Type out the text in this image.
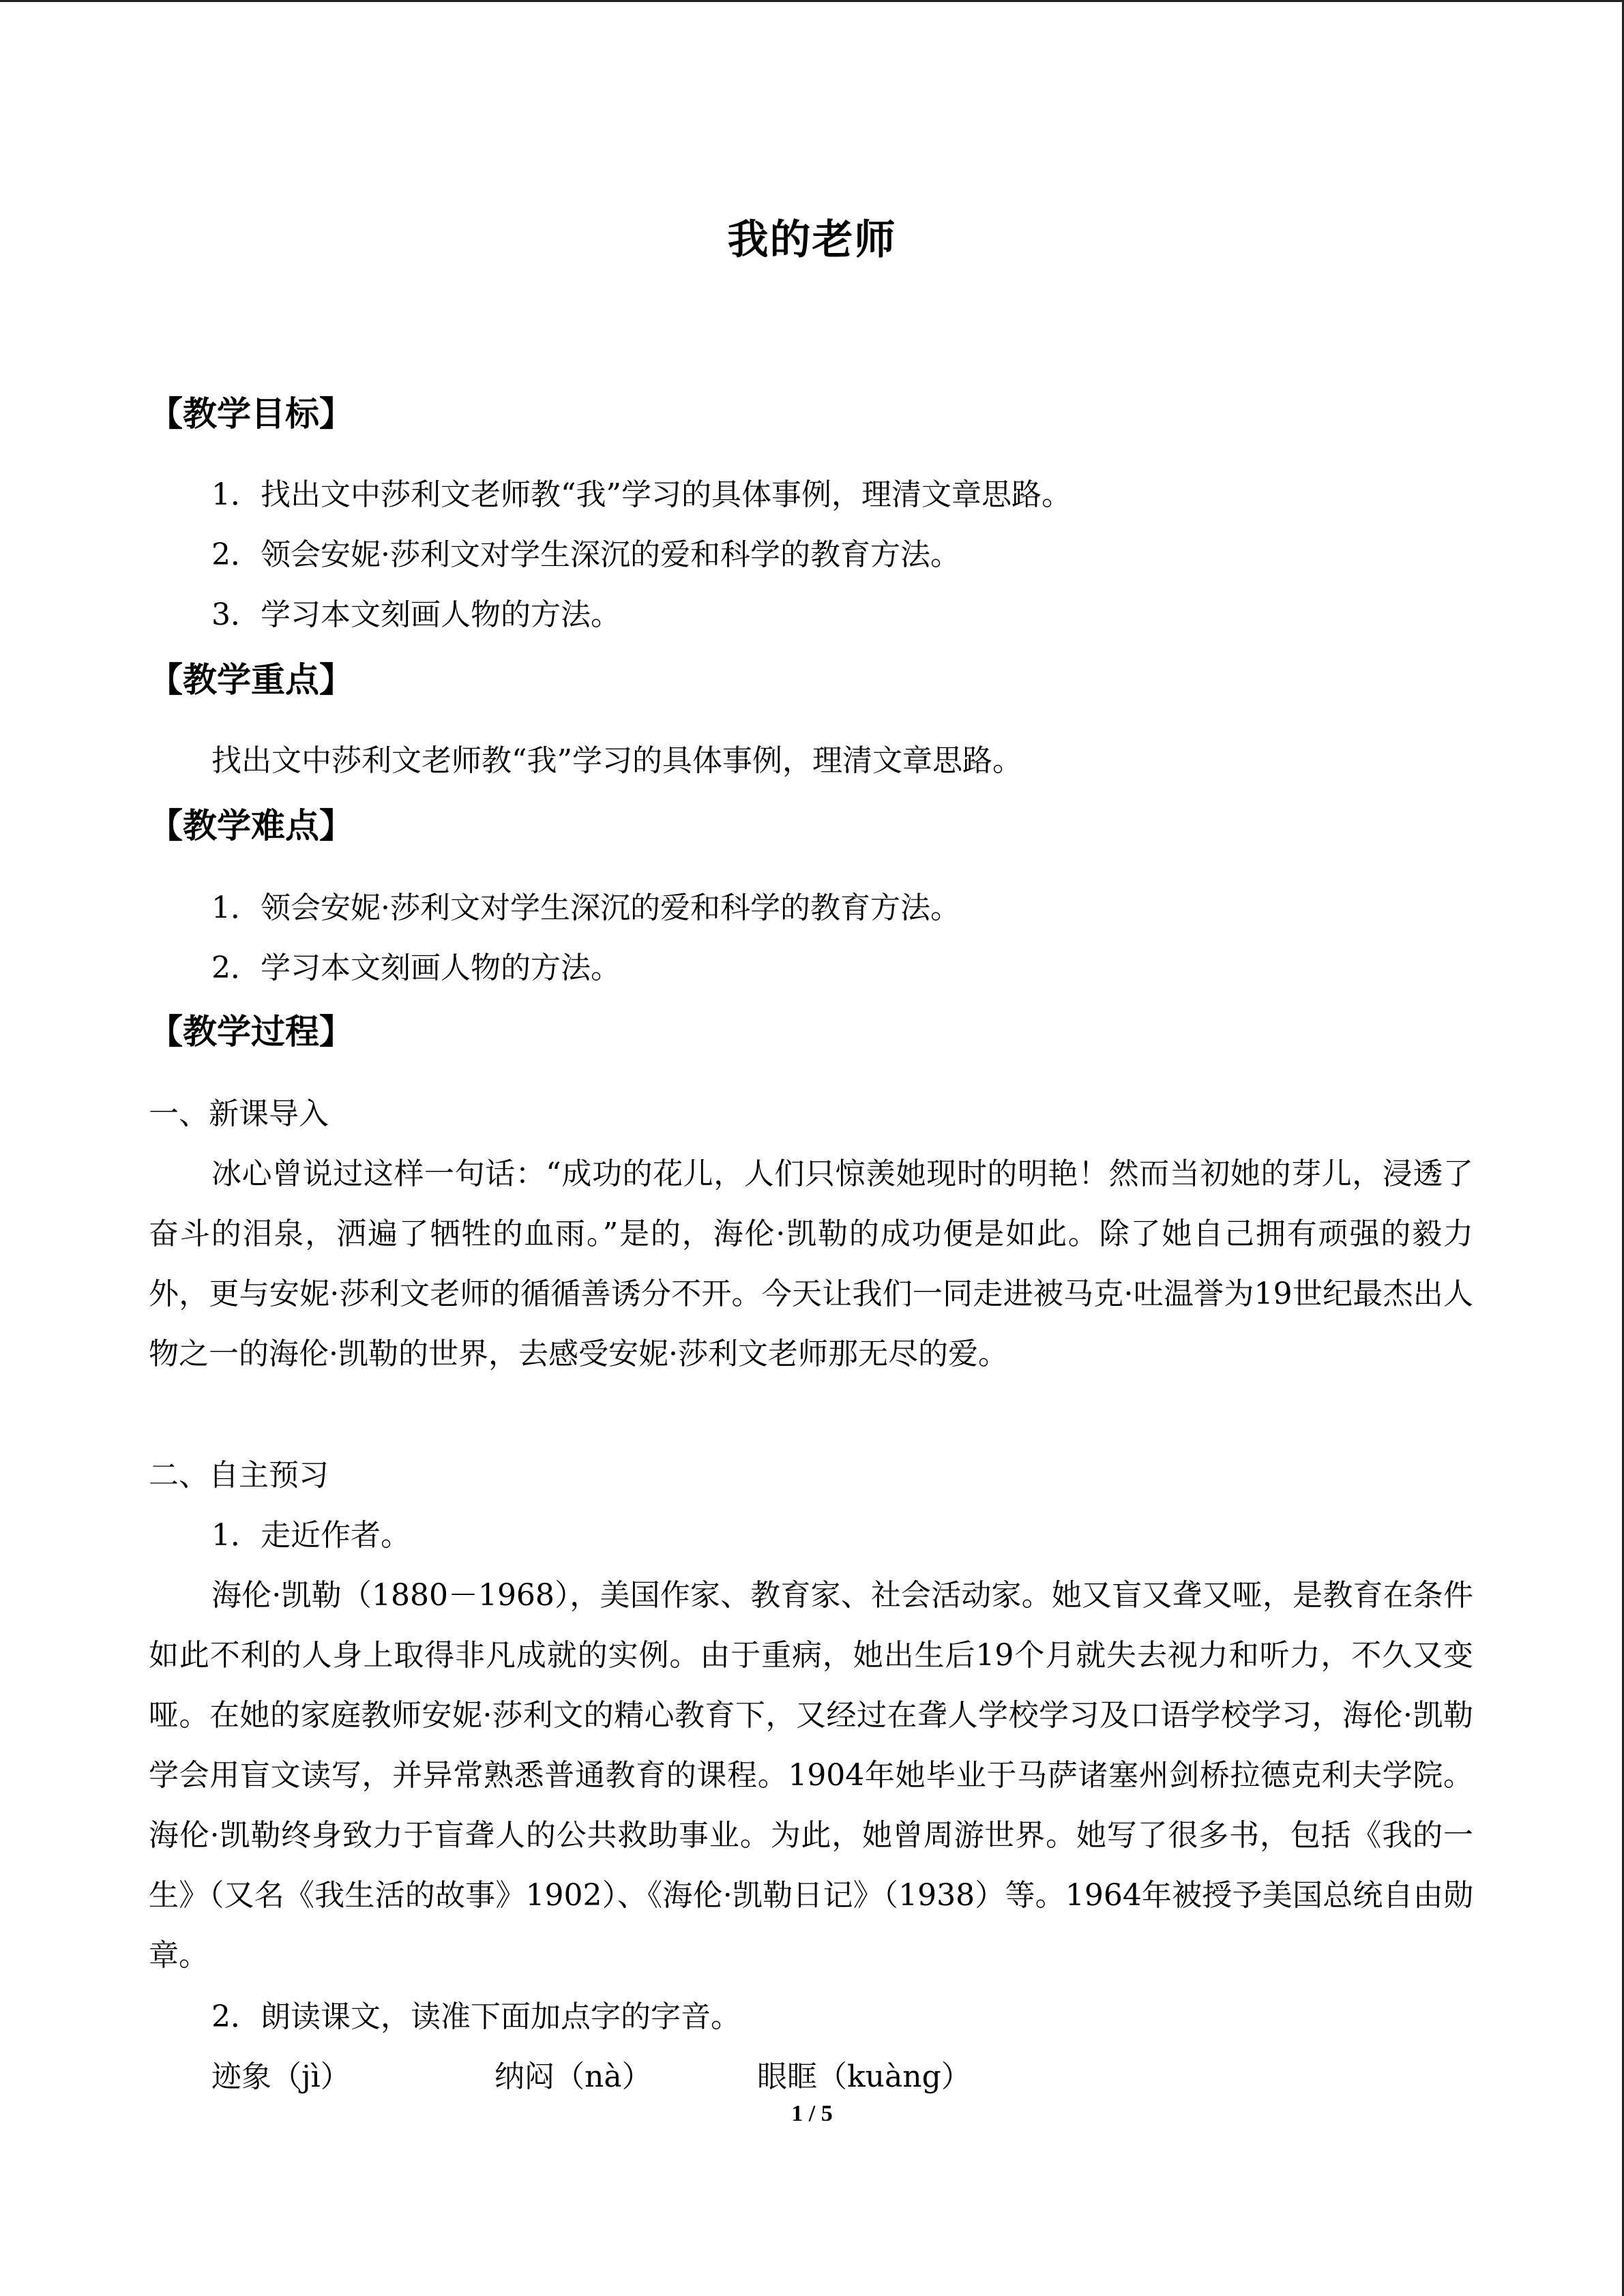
我的老师
【教学目标】
1．找出文中莎利文老师教“我”学习的具体事例，理清文章思路。
2．领会安妮·莎利文对学生深沉的爱和科学的教育方法。
3．学习本文刻画人物的方法。
【教学重点】
找出文中莎利文老师教“我”学习的具体事例，理清文章思路。
【教学难点】
1．领会安妮·莎利文对学生深沉的爱和科学的教育方法。
2．学习本文刻画人物的方法。
【教学过程】
一、新课导入
冰心曾说过这样一句话：“成功的花儿，人们只惊羡她现时的明艳！然而当初她的芽儿，浸透了奋斗的泪泉，洒遍了牺牲的血雨。”是的，海伦·凯勒的成功便是如此。除了她自己拥有顽强的毅力外，更与安妮·莎利文老师的循循善诱分不开。今天让我们一同走进被马克·吐温誉为19世纪最杰出人物之一的海伦·凯勒的世界，去感受安妮·莎利文老师那无尽的爱。
二、自主预习
1．走近作者。
海伦·凯勒（1880－1968），美国作家、教育家、社会活动家。她又盲又聋又哑，是教育在条件如此不利的人身上取得非凡成就的实例。由于重病，她出生后19个月就失去视力和听力，不久又变哑。在她的家庭教师安妮·莎利文的精心教育下，又经过在聋人学校学习及口语学校学习，海伦·凯勒学会用盲文读写，并异常熟悉普通教育的课程。1904年她毕业于马萨诸塞州剑桥拉德克利夫学院。海伦·凯勒终身致力于盲聋人的公共救助事业。为此，她曾周游世界。她写了很多书，包括《我的一生》（又名《我生活的故事》1902）、《海伦·凯勒日记》（1938）等。1964年被授予美国总统自由勋章。
2．朗读课文，读准下面加点字的字音。
迹象（jì）	纳闷（nà）	眼眶（kuàng）
1 / 5
